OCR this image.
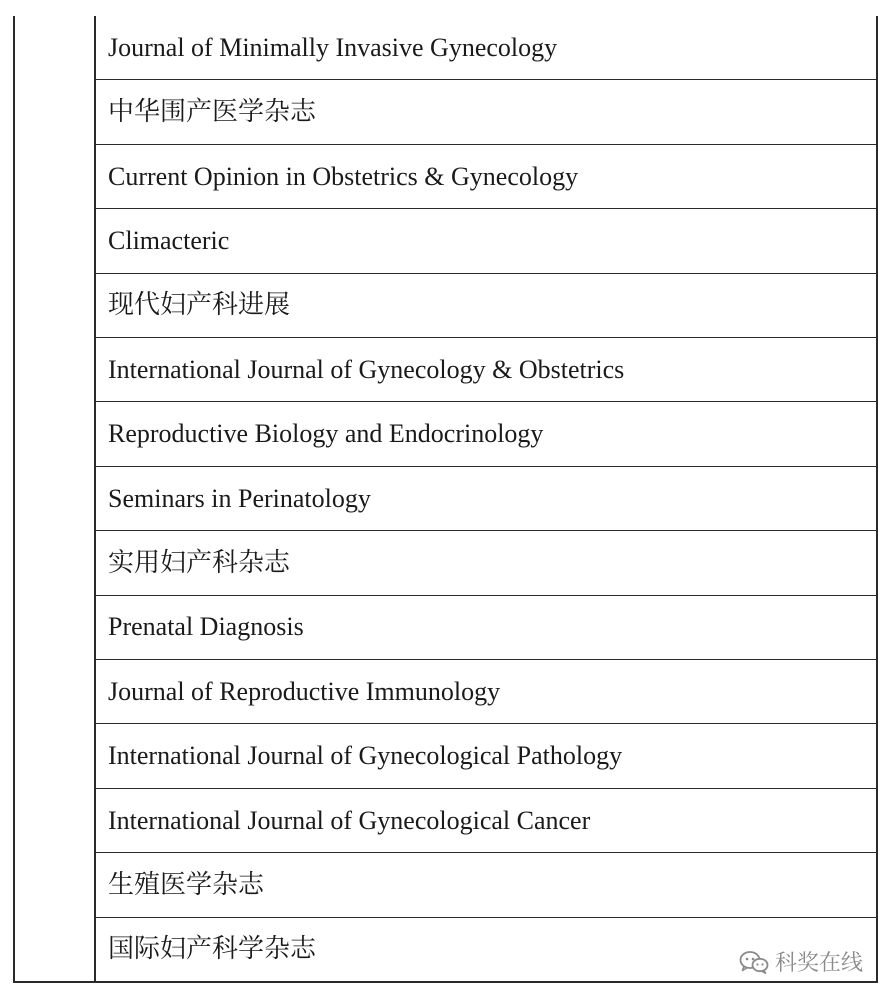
Journal of Minimally Invasive Gynecology
中华围产医学杂志
Current Opinion in Obstetrics & Gynecology
Climacteric
现代妇产科进展
International Journal of Gynecology & Obstetrics
Reproductive Biology and Endocrinology
Seminars in Perinatology
实用妇产科杂志
Prenatal Diagnosis
Journal of Reproductive Immunology
International Journal of Gynecological Pathology
International Journal of Gynecological Cancer
生殖医学杂志
国际妇产科学杂志
科奖在线
